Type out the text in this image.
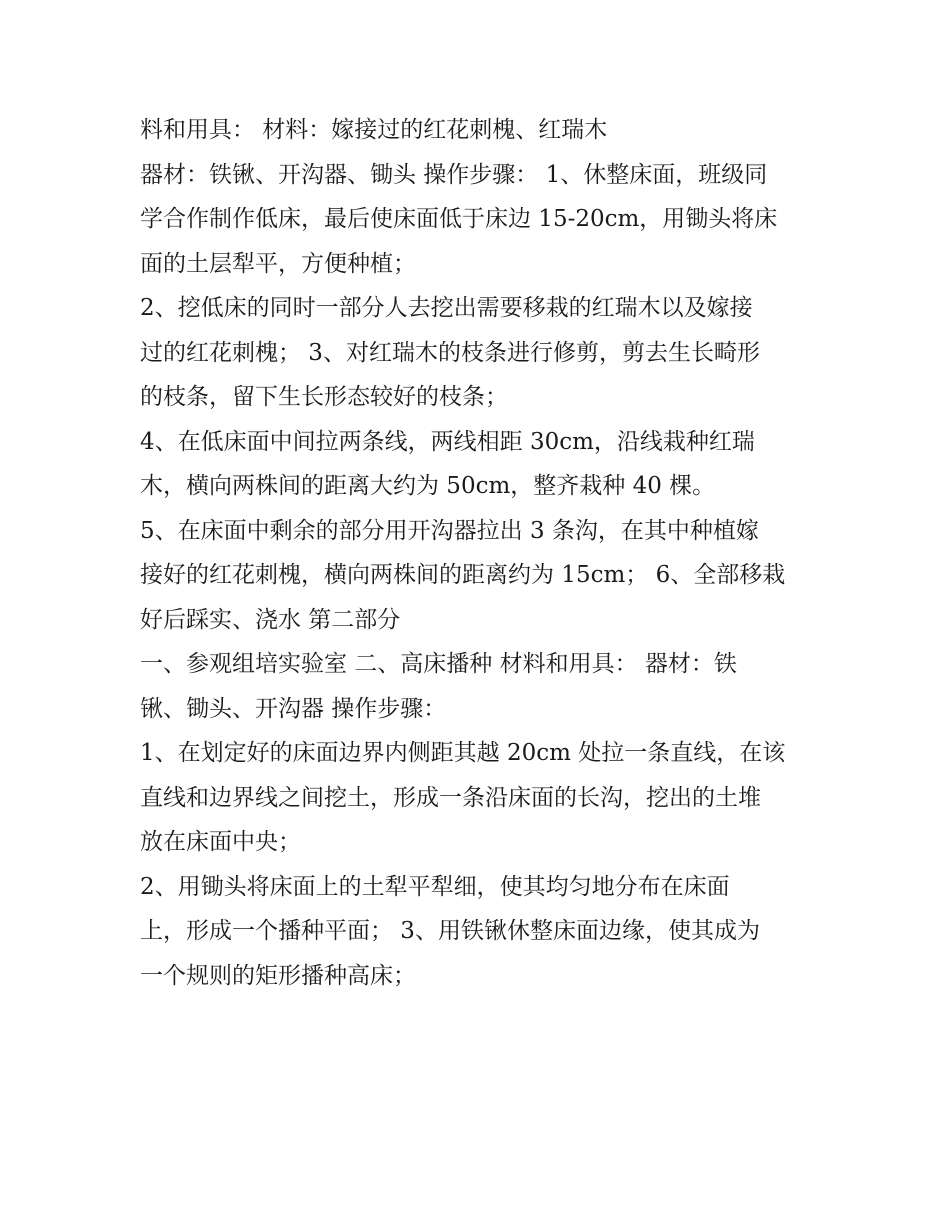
料和用具： 材料：嫁接过的红花刺槐、红瑞木
器材：铁锹、开沟器、锄头 操作步骤： 1、休整床面，班级同
学合作制作低床，最后使床面低于床边 15-20cm，用锄头将床
面的土层犁平，方便种植；
2、挖低床的同时一部分人去挖出需要移栽的红瑞木以及嫁接
过的红花刺槐； 3、对红瑞木的枝条进行修剪，剪去生长畸形
的枝条，留下生长形态较好的枝条；
4、在低床面中间拉两条线，两线相距 30cm，沿线栽种红瑞
木，横向两株间的距离大约为 50cm，整齐栽种 40 棵。
5、在床面中剩余的部分用开沟器拉出 3 条沟，在其中种植嫁
接好的红花刺槐，横向两株间的距离约为 15cm； 6、全部移栽
好后踩实、浇水 第二部分
一、参观组培实验室 二、高床播种 材料和用具： 器材：铁
锹、锄头、开沟器 操作步骤：
1、在划定好的床面边界内侧距其越 20cm 处拉一条直线，在该
直线和边界线之间挖土，形成一条沿床面的长沟，挖出的土堆
放在床面中央；
2、用锄头将床面上的土犁平犁细，使其均匀地分布在床面
上，形成一个播种平面； 3、用铁锹休整床面边缘，使其成为
一个规则的矩形播种高床；
